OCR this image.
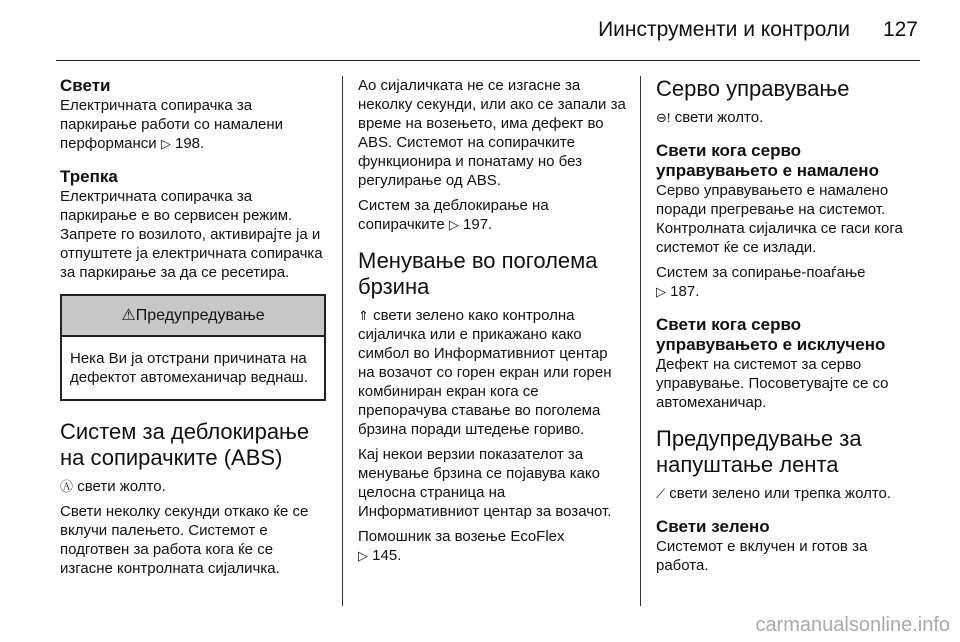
Иинструменти и контроли	127
Свети

Електричната сопирачка за паркирање работи со намалени перформанси ▷ 198.

Трепка

Електричната сопирачка за паркирање е во сервисен режим. Запрете го возилото, активирајте ја и отпуштете ја електричната сопирачка за паркирање за да се ресетира.

⚠Предупредување

Нека Ви ја отстрани причината на дефектот автомеханичар веднаш.

Систем за деблокирање на сопирачките (ABS)

Ⓐ свети жолто.

Свети неколку секунди откако ќе се вклучи палењето. Системот е подготвен за работа кога ќе се изгасне контролната сијаличка.

Ао сијаличката не се изгасне за неколку секунди, или ако се запали за време на возењето, има дефект во ABS. Системот на сопирачките функционира и понатаму но без регулирање од ABS.

Систем за деблокирање на сопирачките ▷ 197.

Менување во поголема брзина

⇑ свети зелено како контролна сијаличка или е прикажано како симбол во Информативниот центар на возачот со горен екран или горен комбиниран екран кога се препорачува ставање во поголема брзина поради штедење гориво.

Кај некои верзии показателот за менување брзина се појавува како целосна страница на Информативниот центар за возачот.

Помошник за возење EcoFlex
▷ 145.

Серво управување

⊖! свети жолто.

Свети кога серво управувањето е намалено

Серво управувањето е намалено поради прегревање на системот. Контролната сијаличка се гаси кога системот ќе се излади.

Систем за сопирање-поаѓање
▷ 187.

Свети кога серво управувањето е исклучено

Дефект на системот за серво управување. Посоветувајте се со автомеханичар.

Предупредување за напуштање лента

⟋ свети зелено или трепка жолто.

Свети зелено

Системот е вклучен и готов за работа.

carmanualsonline.info
